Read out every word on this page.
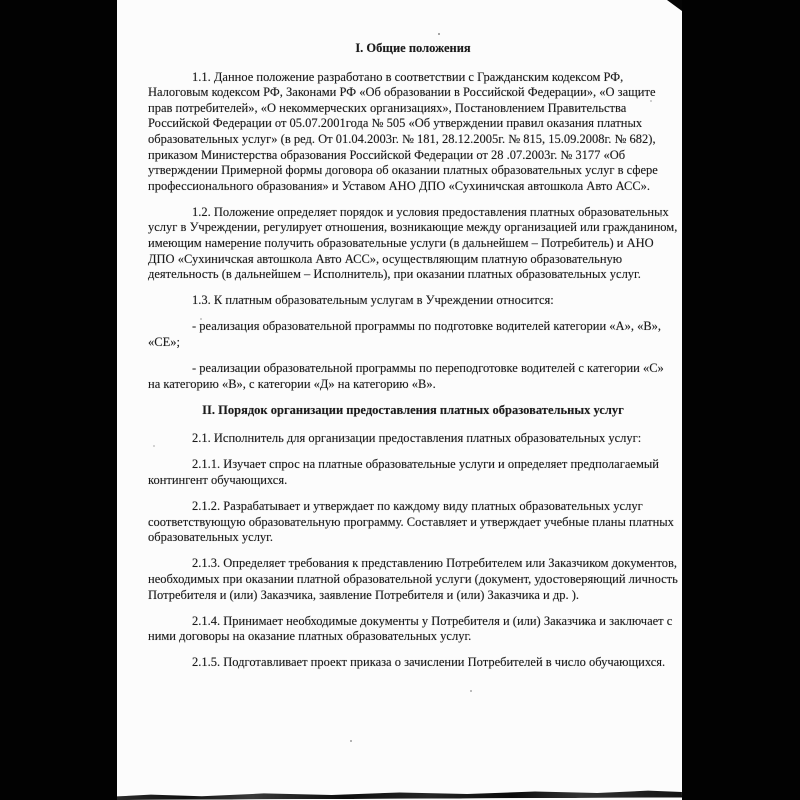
I. Общие положения

1.1. Данное положение разработано в соответствии с Гражданским кодексом РФ, Налоговым кодексом РФ, Законами РФ «Об образовании в Российской Федерации», «О защите прав потребителей», «О некоммерческих организациях», Постановлением Правительства Российской Федерации от 05.07.2001года № 505 «Об утверждении правил оказания платных образовательных услуг» (в ред. От 01.04.2003г. № 181, 28.12.2005г. № 815, 15.09.2008г. № 682), приказом Министерства образования Российской Федерации от 28 .07.2003г. № 3177 «Об утверждении Примерной формы договора об оказании платных образовательных услуг в сфере профессионального образования» и Уставом АНО ДПО «Сухиничская автошкола Авто АСС».

1.2. Положение определяет порядок и условия предоставления платных образовательных услуг в Учреждении, регулирует отношения, возникающие между организацией или гражданином, имеющим намерение получить образовательные услуги (в дальнейшем – Потребитель) и АНО ДПО «Сухиничская автошкола Авто АСС», осуществляющим платную образовательную деятельность (в дальнейшем – Исполнитель), при оказании платных образовательных услуг.

1.3. К платным образовательным услугам в Учреждении относится:

- реализация образовательной программы по подготовке водителей категории «А», «В», «СЕ»;

- реализации образовательной программы по переподготовке водителей с категории «С» на категорию «В», с категории «Д» на категорию «В».

II. Порядок организации предоставления платных образовательных услуг

2.1. Исполнитель для организации предоставления платных образовательных услуг:

2.1.1. Изучает спрос на платные образовательные услуги и определяет предполагаемый контингент обучающихся.

2.1.2. Разрабатывает и утверждает по каждому виду платных образовательных услуг соответствующую образовательную программу. Составляет и утверждает учебные планы платных образовательных услуг.

2.1.3. Определяет требования к представлению Потребителем или Заказчиком документов, необходимых при оказании платной образовательной услуги (документ, удостоверяющий личность Потребителя и (или) Заказчика, заявление Потребителя и (или) Заказчика и др. ).

2.1.4. Принимает необходимые документы у Потребителя и (или) Заказчика и заключает с ними договоры на оказание платных образовательных услуг.

2.1.5. Подготавливает проект приказа о зачислении Потребителей в число обучающихся.
